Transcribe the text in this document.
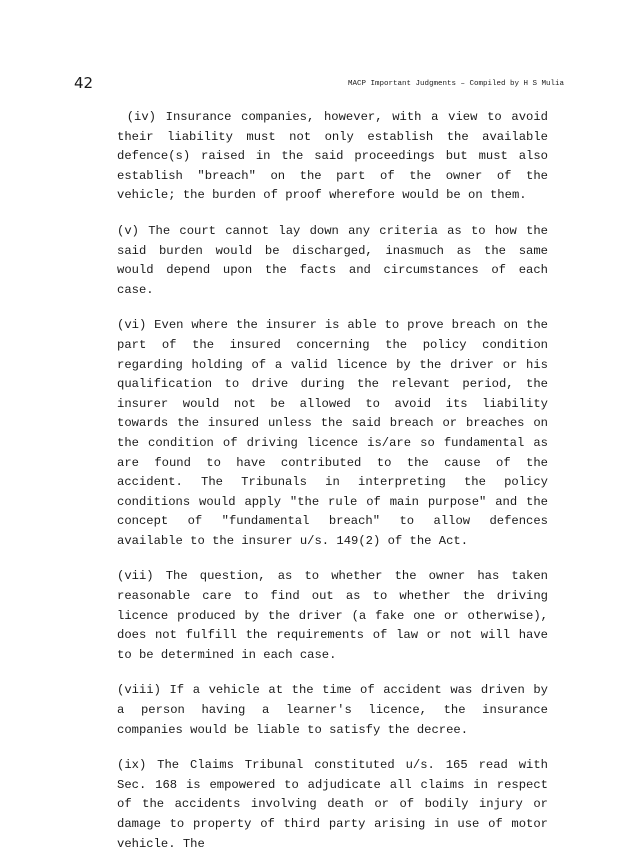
42	MACP Important Judgments – Compiled by H S Mulia

(iv) Insurance companies, however, with a view to avoid their liability must not only establish the available defence(s) raised in the said proceedings but must also establish "breach" on the part of the owner of the vehicle; the burden of proof wherefore would be on them.

(v) The court cannot lay down any criteria as to how the said burden would be discharged, inasmuch as the same would depend upon the facts and circumstances of each case.

(vi) Even where the insurer is able to prove breach on the part of the insured concerning the policy condition regarding holding of a valid licence by the driver or his qualification to drive during the relevant period, the insurer would not be allowed to avoid its liability towards the insured unless the said breach or breaches on the condition of driving licence is/are so fundamental as are found to have contributed to the cause of the accident. The Tribunals in interpreting the policy conditions would apply "the rule of main purpose" and the concept of "fundamental breach" to allow defences available to the insurer u/s. 149(2) of the Act.

(vii) The question, as to whether the owner has taken reasonable care to find out as to whether the driving licence produced by the driver (a fake one or otherwise), does not fulfill the requirements of law or not will have to be determined in each case.

(viii) If a vehicle at the time of accident was driven by a person having a learner's licence, the insurance companies would be liable to satisfy the decree.

(ix) The Claims Tribunal constituted u/s. 165 read with Sec. 168 is empowered to adjudicate all claims in respect of the accidents involving death or of bodily injury or damage to property of third party arising in use of motor vehicle. The
